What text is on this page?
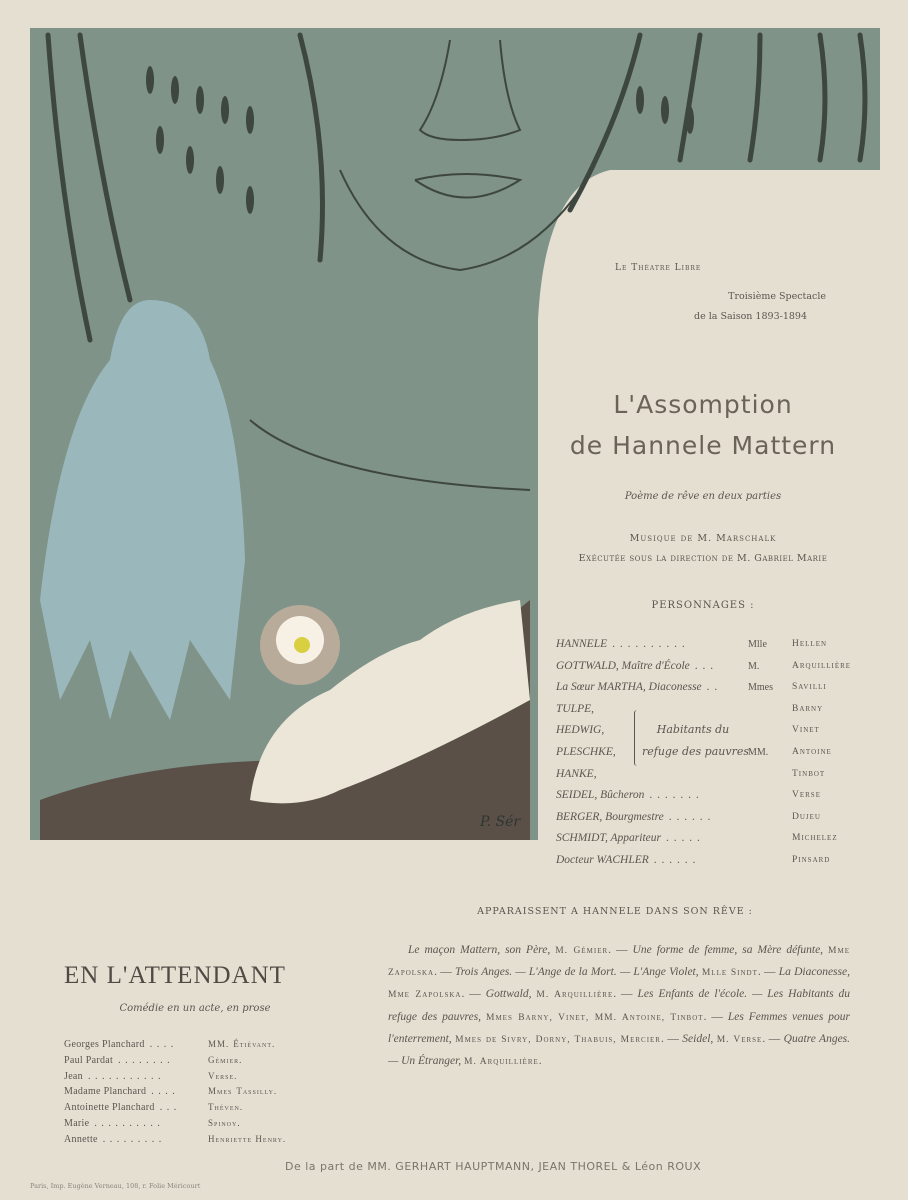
Le Théatre Libre
Troisième Spectacle
de la Saison 1893-1894
L'Assomption
de Hannele Mattern
Poème de rêve en deux parties
Musique de M. Marschalk
Exécutée sous la direction de M. Gabriel Marie
PERSONNAGES :
HANNELE . . . . . . . . . .	Mlle	Hellen
GOTTWALD, Maître d'École . . .	M.	Arquillière
La Sœur MARTHA, Diaconesse . .	Mmes Savilli
TULPE,	Barny
HEDWIG,	Vinet
PLESCHKE,	MM. Antoine
HANKE,	Tinbot
SEIDEL, Bûcheron . . . . . . .	Verse
BERGER, Bourgmestre . . . . . .	Dujeu
SCHMIDT, Appariteur . . . . .	Michelez
Docteur WACHLER . . . . . .	Pinsard
Habitants du
refuge des pauvres
APPARAISSENT A HANNELE DANS SON RÊVE :
Le maçon Mattern, son Père, M. Gémier. — Une forme de femme, sa Mère défunte, Mme Zapolska. — Trois Anges. — L'Ange de la Mort. — L'Ange Violet, Mlle Sindt. — La Diaconesse, Mme Zapolska. — Gottwald, M. Arquillière. — Les Enfants de l'école. — Les Habitants du refuge des pauvres, Mmes Barny, Vinet, MM. Antoine, Tinbot. — Les Femmes venues pour l'enterrement, Mmes de Sivry, Dorny, Thabuis, Mercier. — Seidel, M. Verse. — Quatre Anges. — Un Étranger, M. Arquillière.
EN L'ATTENDANT
Comédie en un acte, en prose
Georges Planchard . . . .	MM. Étiévant.
Paul Pardat . . . . . . . .	Gémier.
Jean . . . . . . . . . . .	Verse.
Madame Planchard . . . .	Mmes Tassilly.
Antoinette Planchard . . .	Théven.
Marie . . . . . . . . . .	Spinoy.
Annette . . . . . . . . .	Henriette Henry.
Paris, Imp. Eugène Verneau, 108, r. Folie Méricourt
De la part de MM. GERHART HAUPTMANN, JEAN THOREL & Léon ROUX
P. Sér
